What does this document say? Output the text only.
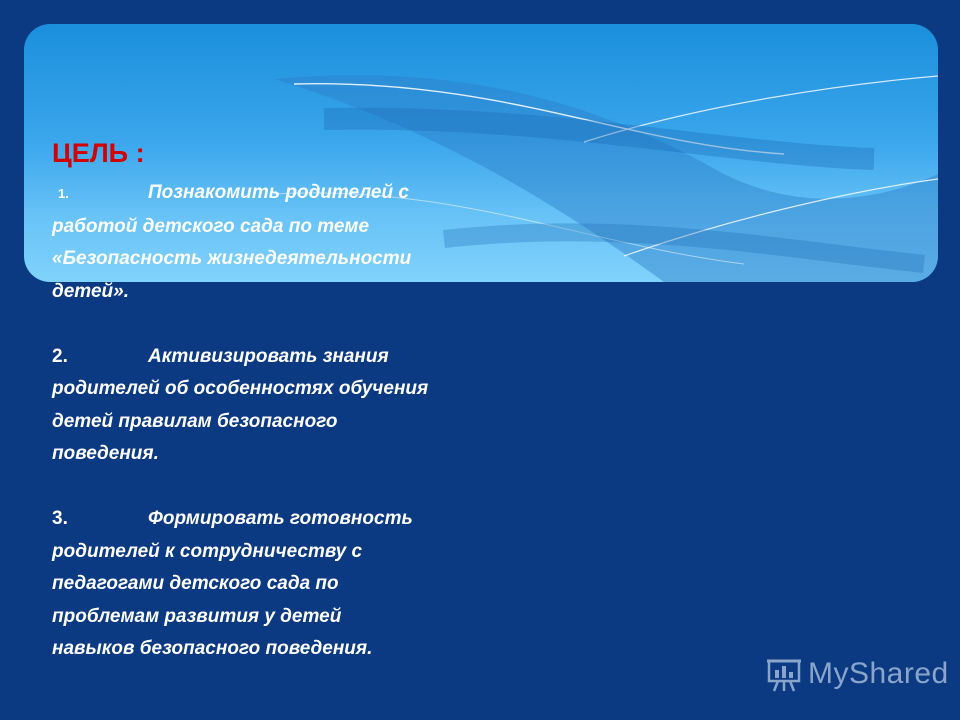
ЦЕЛЬ :
1.	Познакомить родителей с
работой детского сада по теме
«Безопасность жизнедеятельности
детей».
2.	Активизировать знания
родителей об особенностях обучения
детей правилам безопасного
поведения.
3.	Формировать готовность
родителей к сотрудничеству с
педагогами детского сада по
проблемам развития у детей
навыков безопасного поведения.
MyShared
